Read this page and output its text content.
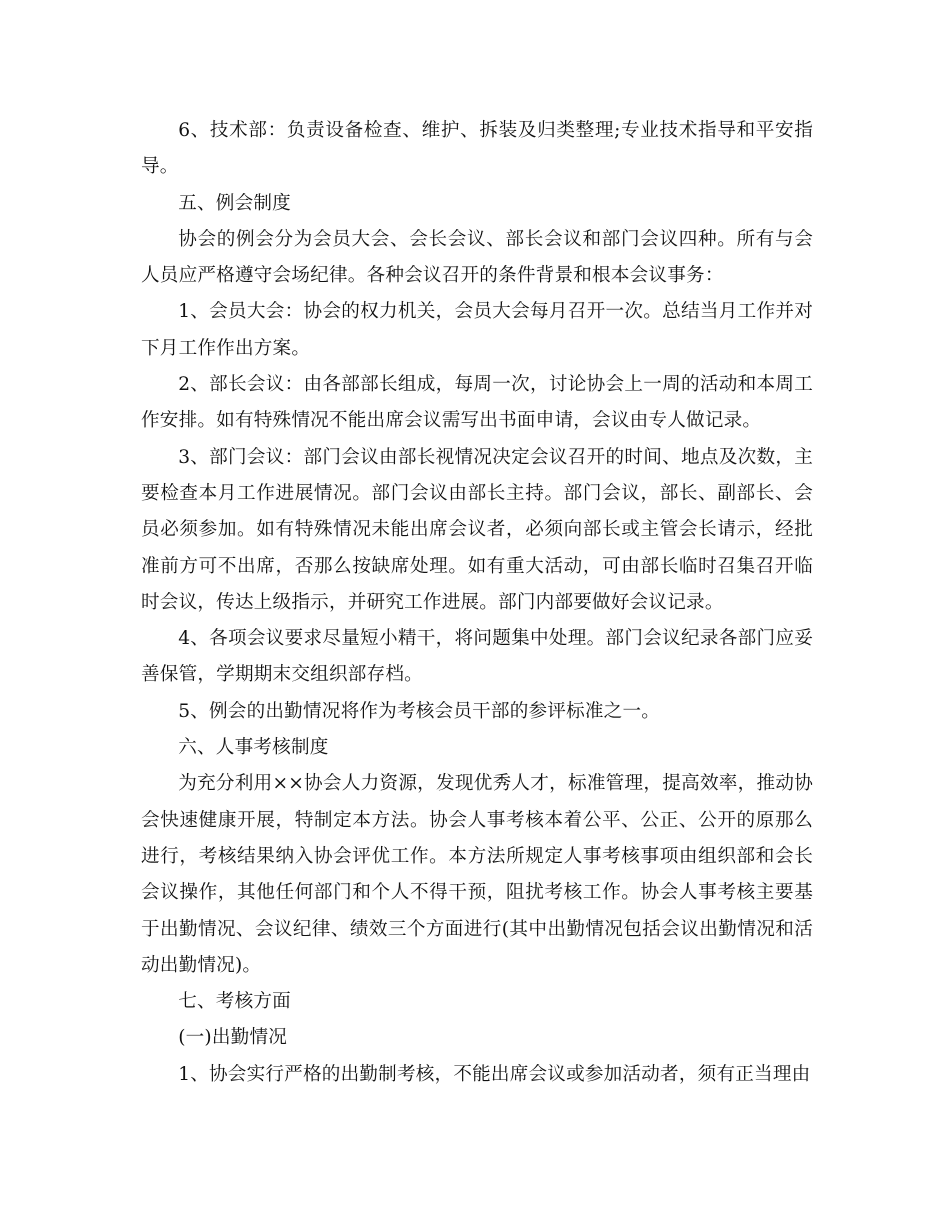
6、技术部：负责设备检查、维护、拆装及归类整理;专业技术指导和平安指导。

五、例会制度

协会的例会分为会员大会、会长会议、部长会议和部门会议四种。所有与会人员应严格遵守会场纪律。各种会议召开的条件背景和根本会议事务：

1、会员大会：协会的权力机关，会员大会每月召开一次。总结当月工作并对下月工作作出方案。

2、部长会议：由各部部长组成，每周一次，讨论协会上一周的活动和本周工作安排。如有特殊情况不能出席会议需写出书面申请，会议由专人做记录。

3、部门会议：部门会议由部长视情况决定会议召开的时间、地点及次数，主要检查本月工作进展情况。部门会议由部长主持。部门会议，部长、副部长、会员必须参加。如有特殊情况未能出席会议者，必须向部长或主管会长请示，经批准前方可不出席，否那么按缺席处理。如有重大活动，可由部长临时召集召开临时会议，传达上级指示，并研究工作进展。部门内部要做好会议记录。

4、各项会议要求尽量短小精干，将问题集中处理。部门会议纪录各部门应妥善保管，学期期末交组织部存档。

5、例会的出勤情况将作为考核会员干部的参评标准之一。

六、人事考核制度

为充分利用××协会人力资源，发现优秀人才，标准管理，提高效率，推动协会快速健康开展，特制定本方法。协会人事考核本着公平、公正、公开的原那么进行，考核结果纳入协会评优工作。本方法所规定人事考核事项由组织部和会长会议操作，其他任何部门和个人不得干预，阻扰考核工作。协会人事考核主要基于出勤情况、会议纪律、绩效三个方面进行(其中出勤情况包括会议出勤情况和活动出勤情况)。

七、考核方面

(一)出勤情况

1、协会实行严格的出勤制考核，不能出席会议或参加活动者，须有正当理由
